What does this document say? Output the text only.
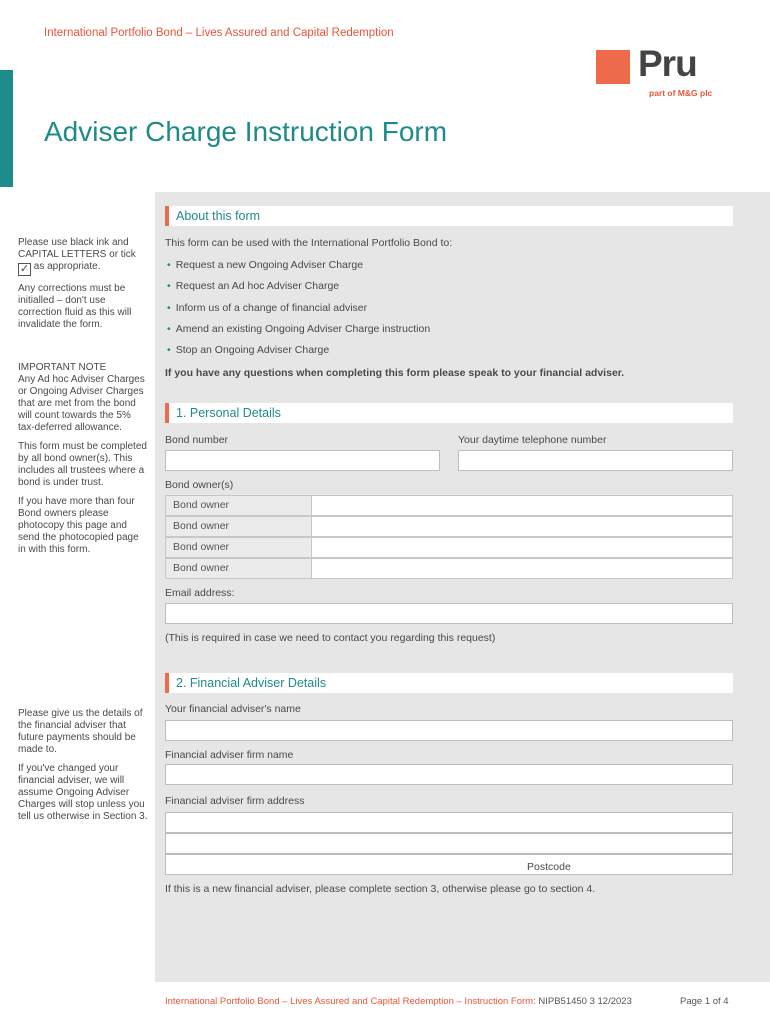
International Portfolio Bond – Lives Assured and Capital Redemption
Pru
part of M&G plc
Adviser Charge Instruction Form

Please use black ink and CAPITAL LETTERS or tick ✓ as appropriate.

Any corrections must be initialled – don't use correction fluid as this will invalidate the form.

IMPORTANT NOTE

Any Ad hoc Adviser Charges or Ongoing Adviser Charges that are met from the bond will count towards the 5% tax-deferred allowance.

This form must be completed by all bond owner(s). This includes all trustees where a bond is under trust.

If you have more than four Bond owners please photocopy this page and send the photocopied page in with this form.

Please give us the details of the financial adviser that future payments should be made to.

If you've changed your financial adviser, we will assume Ongoing Adviser Charges will stop unless you tell us otherwise in Section 3.

About this form
This form can be used with the International Portfolio Bond to:
• Request a new Ongoing Adviser Charge
• Request an Ad hoc Adviser Charge
• Inform us of a change of financial adviser
• Amend an existing Ongoing Adviser Charge instruction
• Stop an Ongoing Adviser Charge
If you have any questions when completing this form please speak to your financial adviser.
1. Personal Details
Bond number	Your daytime telephone number
Bond owner(s)
Bond owner
Bond owner
Bond owner
Bond owner
Email address:
(This is required in case we need to contact you regarding this request)
2. Financial Adviser Details
Your financial adviser's name
Financial adviser firm name
Financial adviser firm address
Postcode
If this is a new financial adviser, please complete section 3, otherwise please go to section 4.
International Portfolio Bond – Lives Assured and Capital Redemption – Instruction Form: NIPB51450 3 12/2023	Page 1 of 4
